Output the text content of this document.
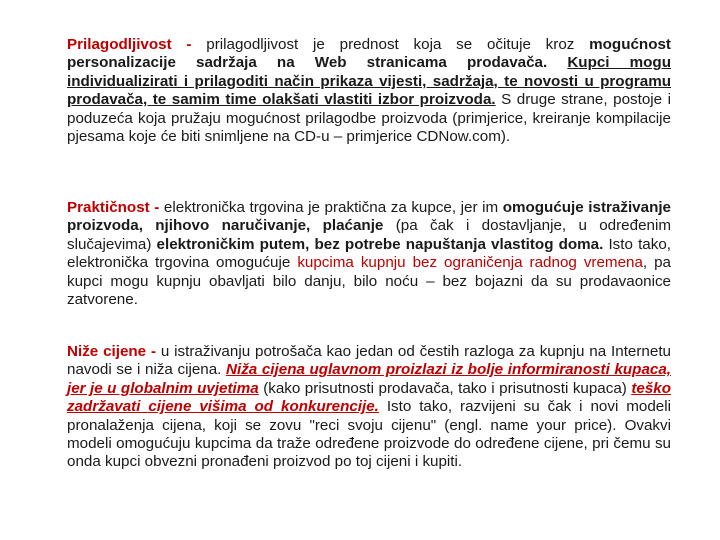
Prilagodljivost - prilagodljivost je prednost koja se očituje kroz mogućnost personalizacije sadržaja na Web stranicama prodavača. Kupci mogu individualizirati i prilagoditi način prikaza vijesti, sadržaja, te novosti u programu prodavača, te samim time olakšati vlastiti izbor proizvoda. S druge strane, postoje i poduzeća koja pružaju mogućnost prilagodbe proizvoda (primjerice, kreiranje kompilacije pjesama koje će biti snimljene na CD-u – primjerice CDNow.com).

Praktičnost - elektronička trgovina je praktična za kupce, jer im omogućuje istraživanje proizvoda, njihovo naručivanje, plaćanje (pa čak i dostavljanje, u određenim slučajevima) elektroničkim putem, bez potrebe napuštanja vlastitog doma. Isto tako, elektronička trgovina omogućuje kupcima kupnju bez ograničenja radnog vremena, pa kupci mogu kupnju obavljati bilo danju, bilo noću – bez bojazni da su prodavaonice zatvorene.

Niže cijene - u istraživanju potrošača kao jedan od čestih razloga za kupnju na Internetu navodi se i niža cijena. Niža cijena uglavnom proizlazi iz bolje informiranosti kupaca, jer je u globalnim uvjetima (kako prisutnosti prodavača, tako i prisutnosti kupaca) teško zadržavati cijene višima od konkurencije. Isto tako, razvijeni su čak i novi modeli pronalaženja cijena, koji se zovu "reci svoju cijenu" (engl. name your price). Ovakvi modeli omogućuju kupcima da traže određene proizvode do određene cijene, pri čemu su onda kupci obvezni pronađeni proizvod po toj cijeni i kupiti.
